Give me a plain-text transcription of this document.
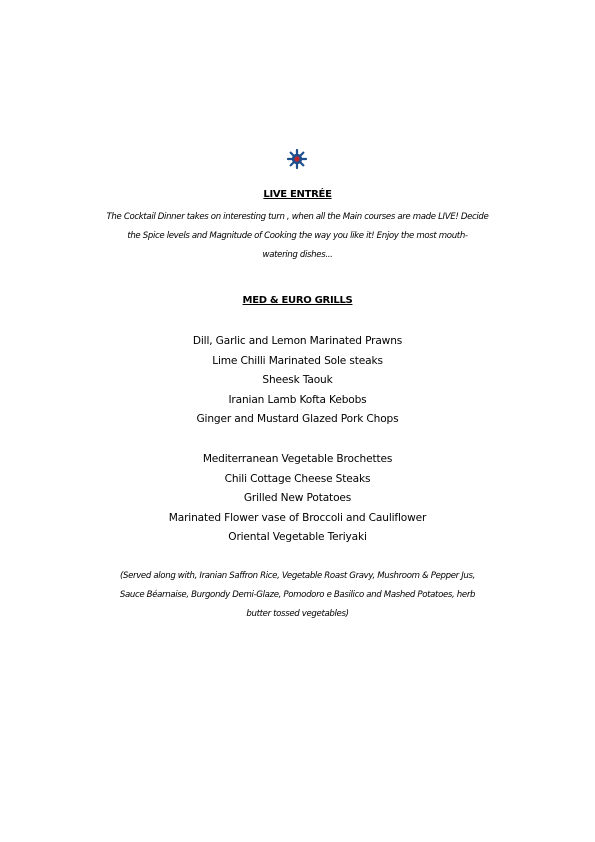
LIVE ENTRÉE

The Cocktail Dinner takes on interesting turn , when all the Main courses are made LIVE! Decide

the Spice levels and Magnitude of Cooking the way you like it! Enjoy the most mouth-

watering dishes...

MED & EURO GRILLS

Dill, Garlic and Lemon Marinated Prawns

Lime Chilli Marinated Sole steaks

Sheesk Taouk

Iranian Lamb Kofta Kebobs

Ginger and Mustard Glazed Pork Chops

Mediterranean Vegetable Brochettes

Chili Cottage Cheese Steaks

Grilled New Potatoes

Marinated Flower vase of Broccoli and Cauliflower

Oriental Vegetable Teriyaki

(Served along with, Iranian Saffron Rice, Vegetable Roast Gravy, Mushroom & Pepper Jus,

Sauce Béarnaise, Burgondy Demi-Glaze, Pomodoro e Basilico and Mashed Potatoes, herb

butter tossed vegetables)
